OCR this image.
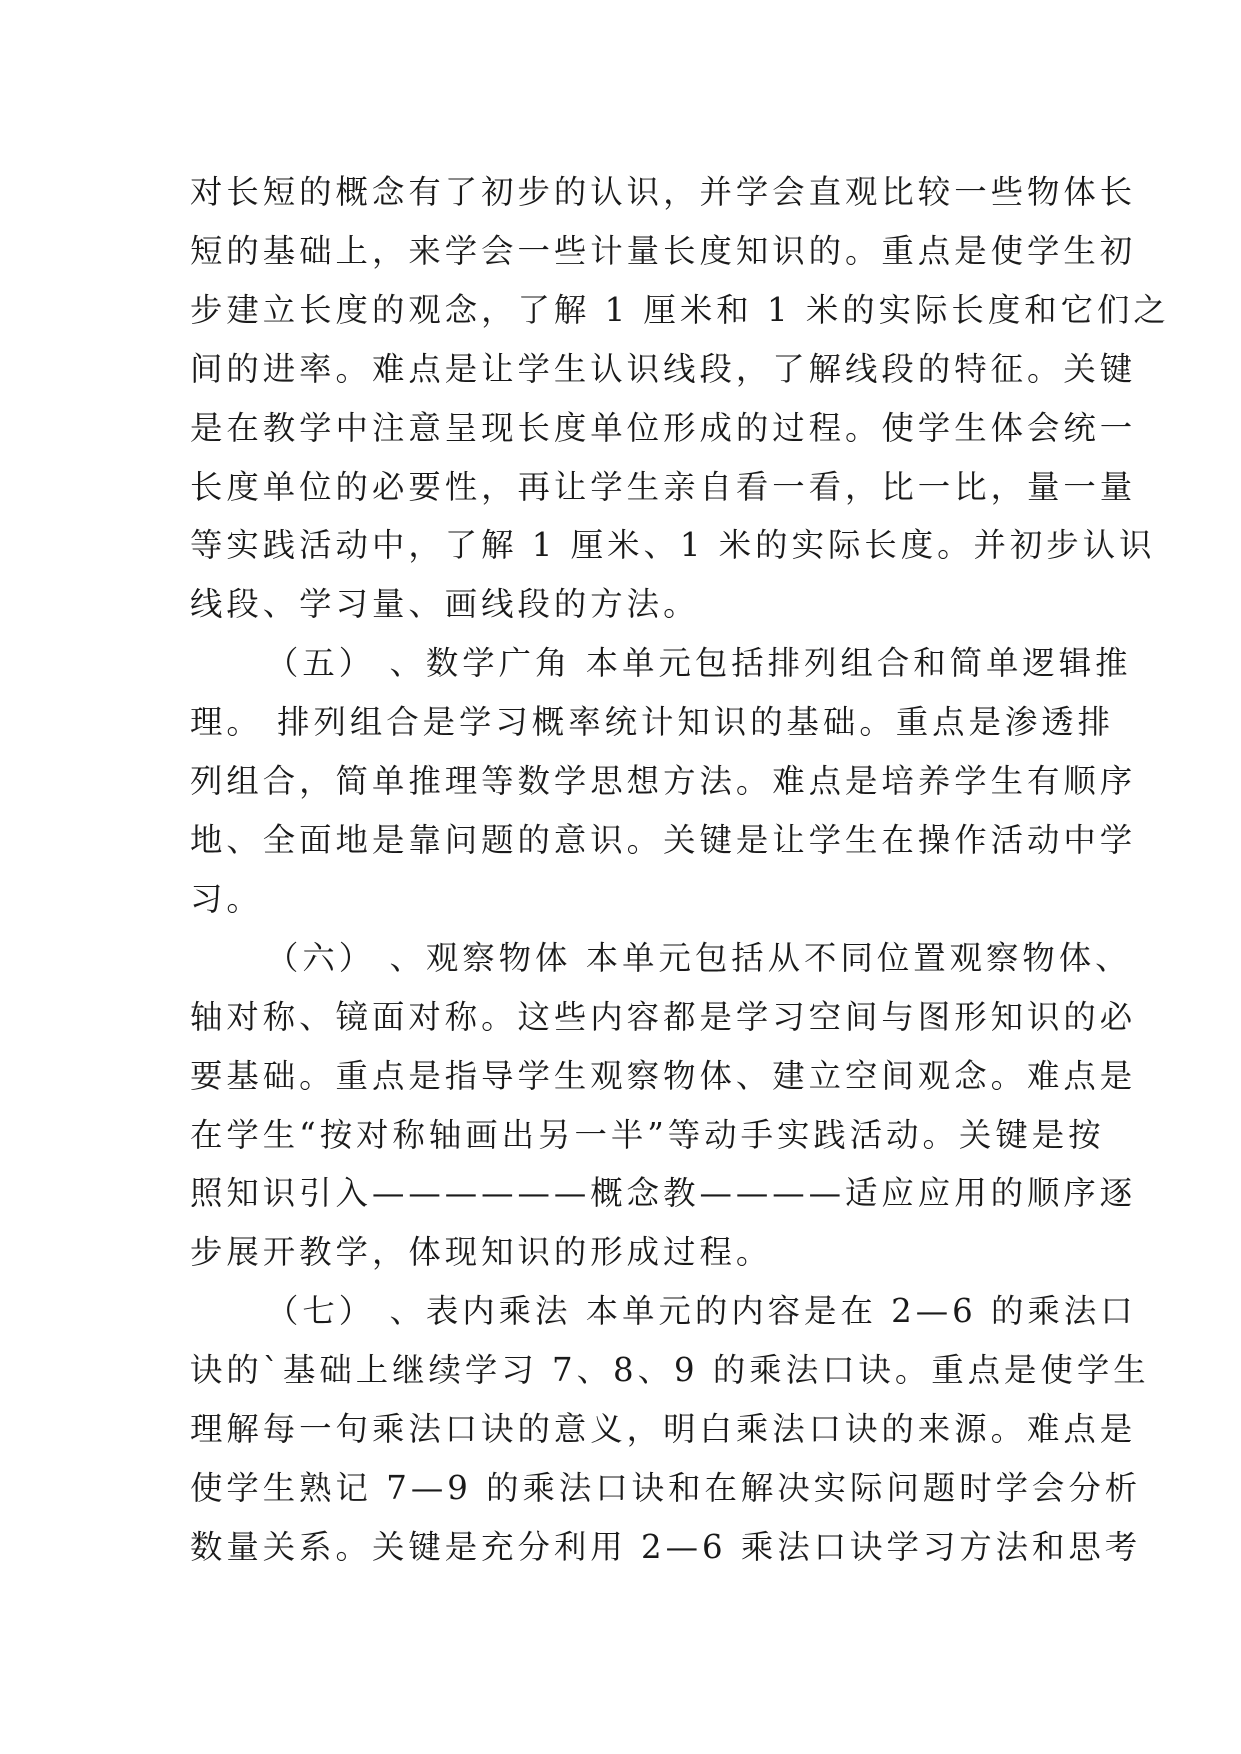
对长短的概念有了初步的认识，并学会直观比较一些物体长
短的基础上，来学会一些计量长度知识的。重点是使学生初
步建立长度的观念，了解 1 厘米和 1 米的实际长度和它们之
间的进率。难点是让学生认识线段，了解线段的特征。关键
是在教学中注意呈现长度单位形成的过程。使学生体会统一
长度单位的必要性，再让学生亲自看一看，比一比，量一量
等实践活动中，了解 1 厘米、1 米的实际长度。并初步认识
线段、学习量、画线段的方法。

（五） 、数学广角 本单元包括排列组合和简单逻辑推
理。 排列组合是学习概率统计知识的基础。重点是渗透排
列组合，简单推理等数学思想方法。难点是培养学生有顺序
地、全面地是靠问题的意识。关键是让学生在操作活动中学
习。

（六） 、观察物体 本单元包括从不同位置观察物体、
轴对称、镜面对称。这些内容都是学习空间与图形知识的必
要基础。重点是指导学生观察物体、建立空间观念。难点是
在学生“按对称轴画出另一半”等动手实践活动。关键是按
照知识引入——————概念教————适应应用的顺序逐
步展开教学，体现知识的形成过程。

（七） 、表内乘法 本单元的内容是在 2—6 的乘法口
诀的`基础上继续学习 7、8、9 的乘法口诀。重点是使学生
理解每一句乘法口诀的意义，明白乘法口诀的来源。难点是
使学生熟记 7—9 的乘法口诀和在解决实际问题时学会分析
数量关系。关键是充分利用 2—6 乘法口诀学习方法和思考
